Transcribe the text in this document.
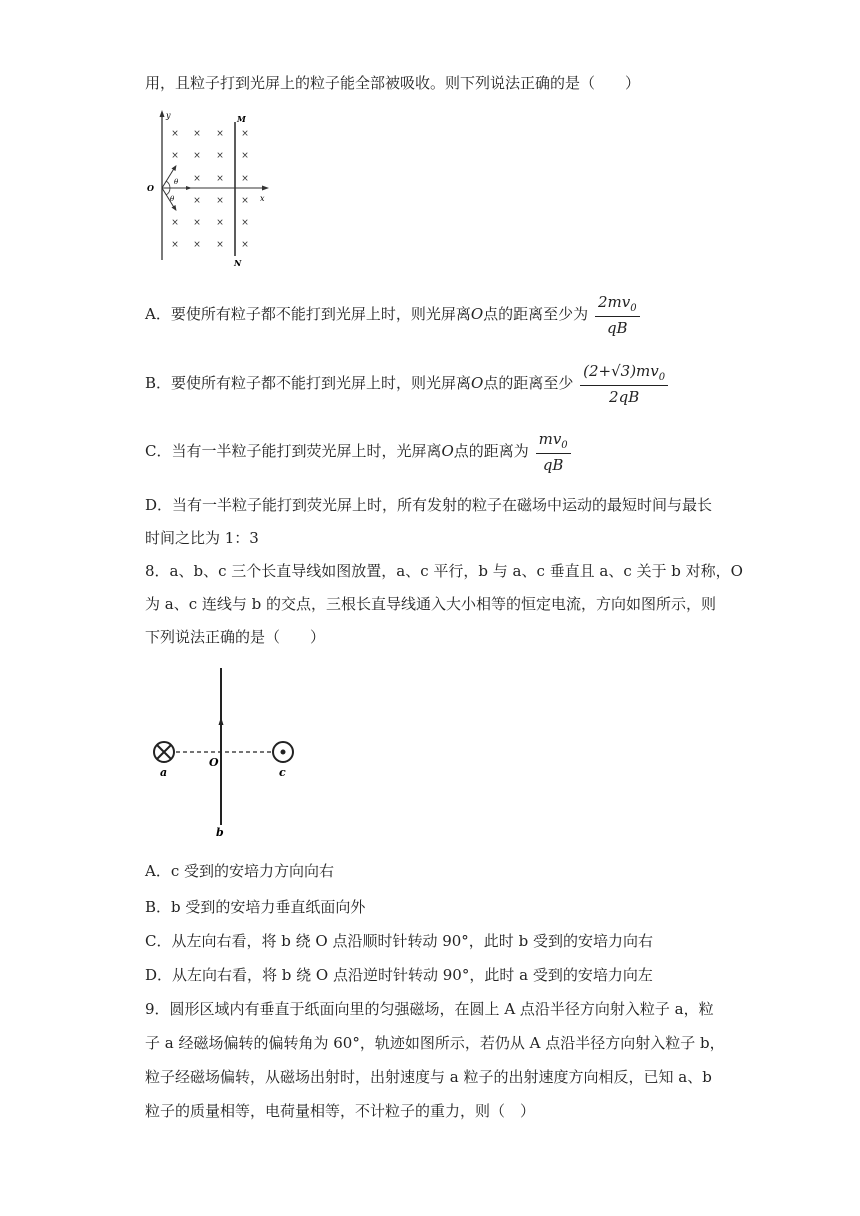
用，且粒子打到光屏上的粒子能全部被吸收。则下列说法正确的是（　　）
y
x
O
M
N
θ
θ
× × × ×
× × × ×
× × ×
× × ×
× × × ×
× × × ×
A．要使所有粒子都不能打到光屏上时，则光屏离O点的距离至少为 $\frac{2mv_0}{qB}$
B．要使所有粒子都不能打到光屏上时，则光屏离O点的距离至少 $\frac{(2+√3)mv_0}{2qB}$
C．当有一半粒子能打到荧光屏上时，光屏离O点的距离为 $\frac{mv_0}{qB}$
D．当有一半粒子能打到荧光屏上时，所有发射的粒子在磁场中运动的最短时间与最长
时间之比为 1：3
8．a、b、c 三个长直导线如图放置，a、c 平行，b 与 a、c 垂直且 a、c 关于 b 对称，O
为 a、c 连线与 b 的交点，三根长直导线通入大小相等的恒定电流，方向如图所示，则
下列说法正确的是（　　）
b
a	c
O
A．c 受到的安培力方向向右
B．b 受到的安培力垂直纸面向外
C．从左向右看，将 b 绕 O 点沿顺时针转动 90°，此时 b 受到的安培力向右
D．从左向右看，将 b 绕 O 点沿逆时针转动 90°，此时 a 受到的安培力向左
9．圆形区域内有垂直于纸面向里的匀强磁场，在圆上 A 点沿半径方向射入粒子 a，粒
子 a 经磁场偏转的偏转角为 60°，轨迹如图所示，若仍从 A 点沿半径方向射入粒子 b，
粒子经磁场偏转，从磁场出射时，出射速度与 a 粒子的出射速度方向相反，已知 a、b
粒子的质量相等，电荷量相等，不计粒子的重力，则（　）
